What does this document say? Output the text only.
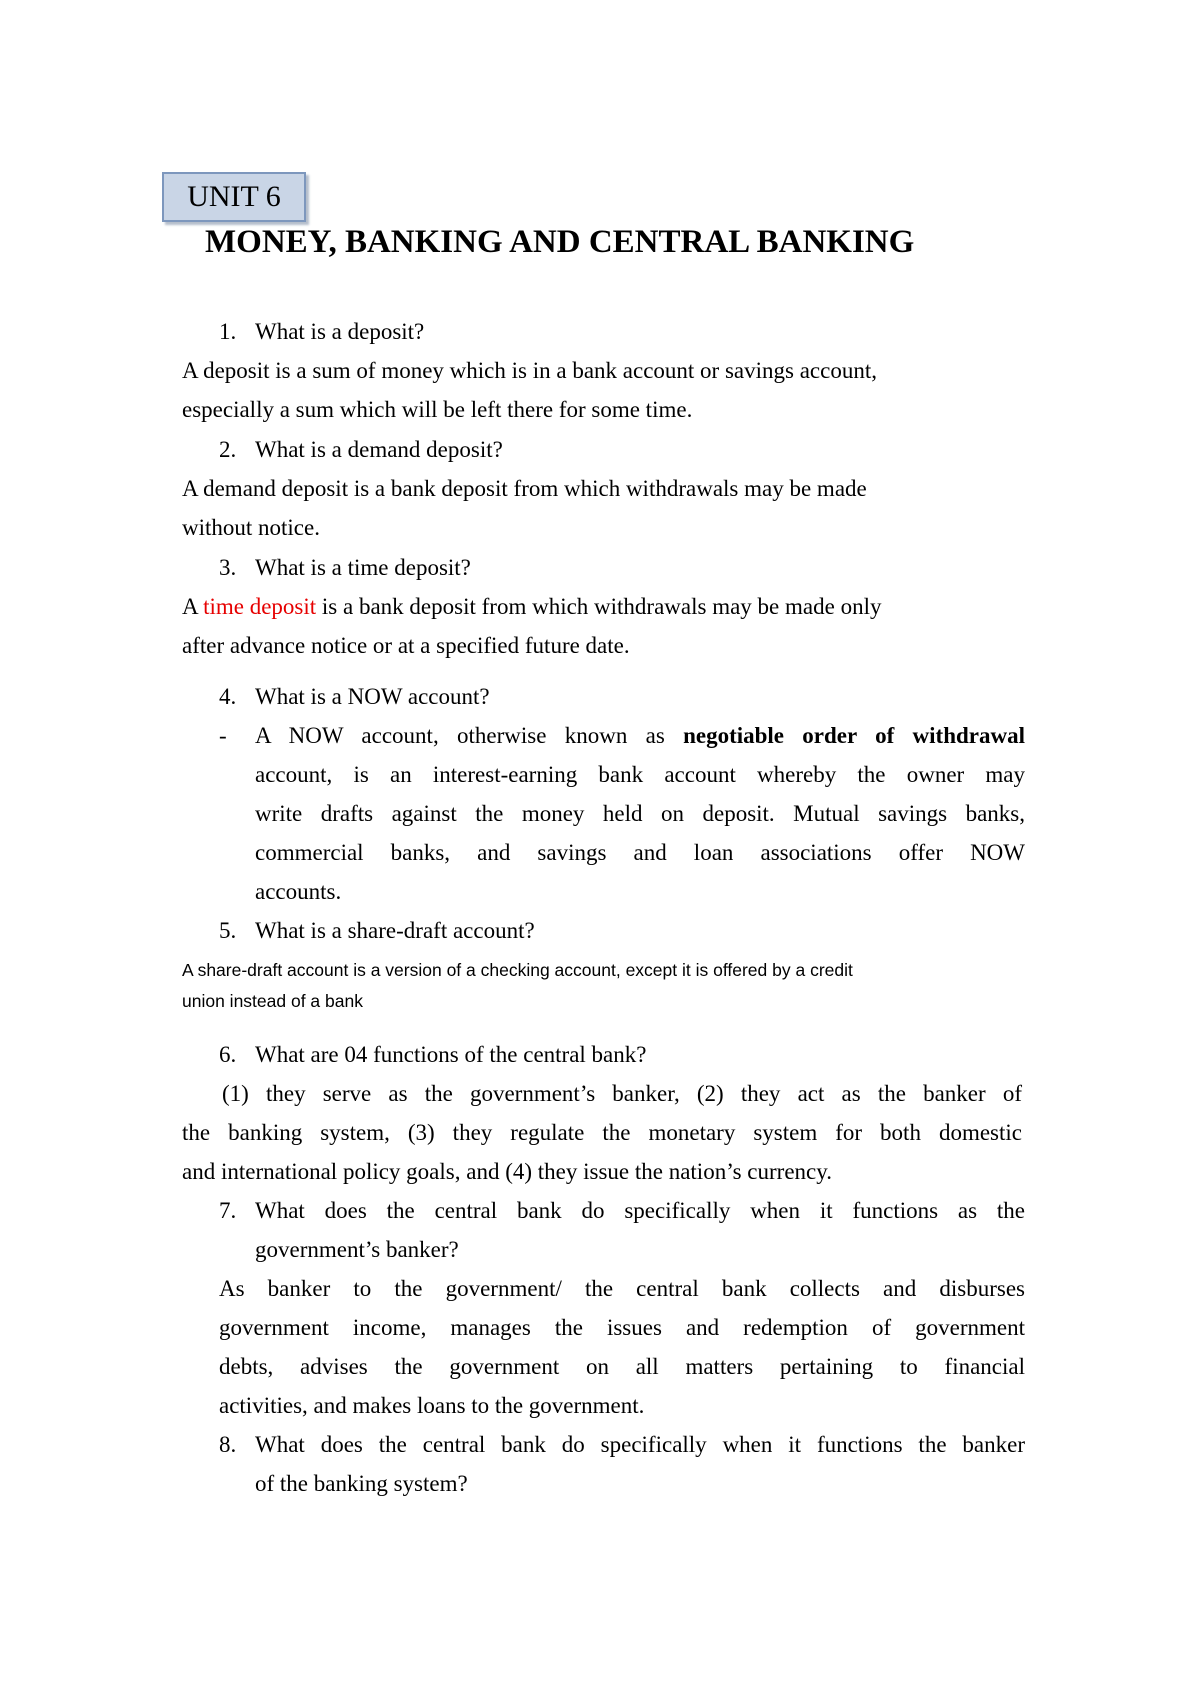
UNIT 6
MONEY, BANKING AND CENTRAL BANKING
1. What is a deposit?
A deposit is a sum of money which is in a bank account or savings account,
especially a sum which will be left there for some time.
2. What is a demand deposit?
A demand deposit is a bank deposit from which withdrawals may be made
without notice.
3. What is a time deposit?
A time deposit is a bank deposit from which withdrawals may be made only
after advance notice or at a specified future date.
4. What is a NOW account?
- A NOW account, otherwise known as negotiable order of withdrawal
account, is an interest-earning bank account whereby the owner may
write drafts against the money held on deposit. Mutual savings banks,
commercial banks, and savings and loan associations offer NOW
accounts.
5. What is a share-draft account?
A share-draft account is a version of a checking account, except it is offered by a credit
union instead of a bank
6. What are 04 functions of the central bank?
(1) they serve as the government’s banker, (2) they act as the banker of
the banking system, (3) they regulate the monetary system for both domestic
and international policy goals, and (4) they issue the nation’s currency.
7. What does the central bank do specifically when it functions as the
government’s banker?
As banker to the government/ the central bank collects and disburses
government income, manages the issues and redemption of government
debts, advises the government on all matters pertaining to financial
activities, and makes loans to the government.
8. What does the central bank do specifically when it functions the banker
of the banking system?
